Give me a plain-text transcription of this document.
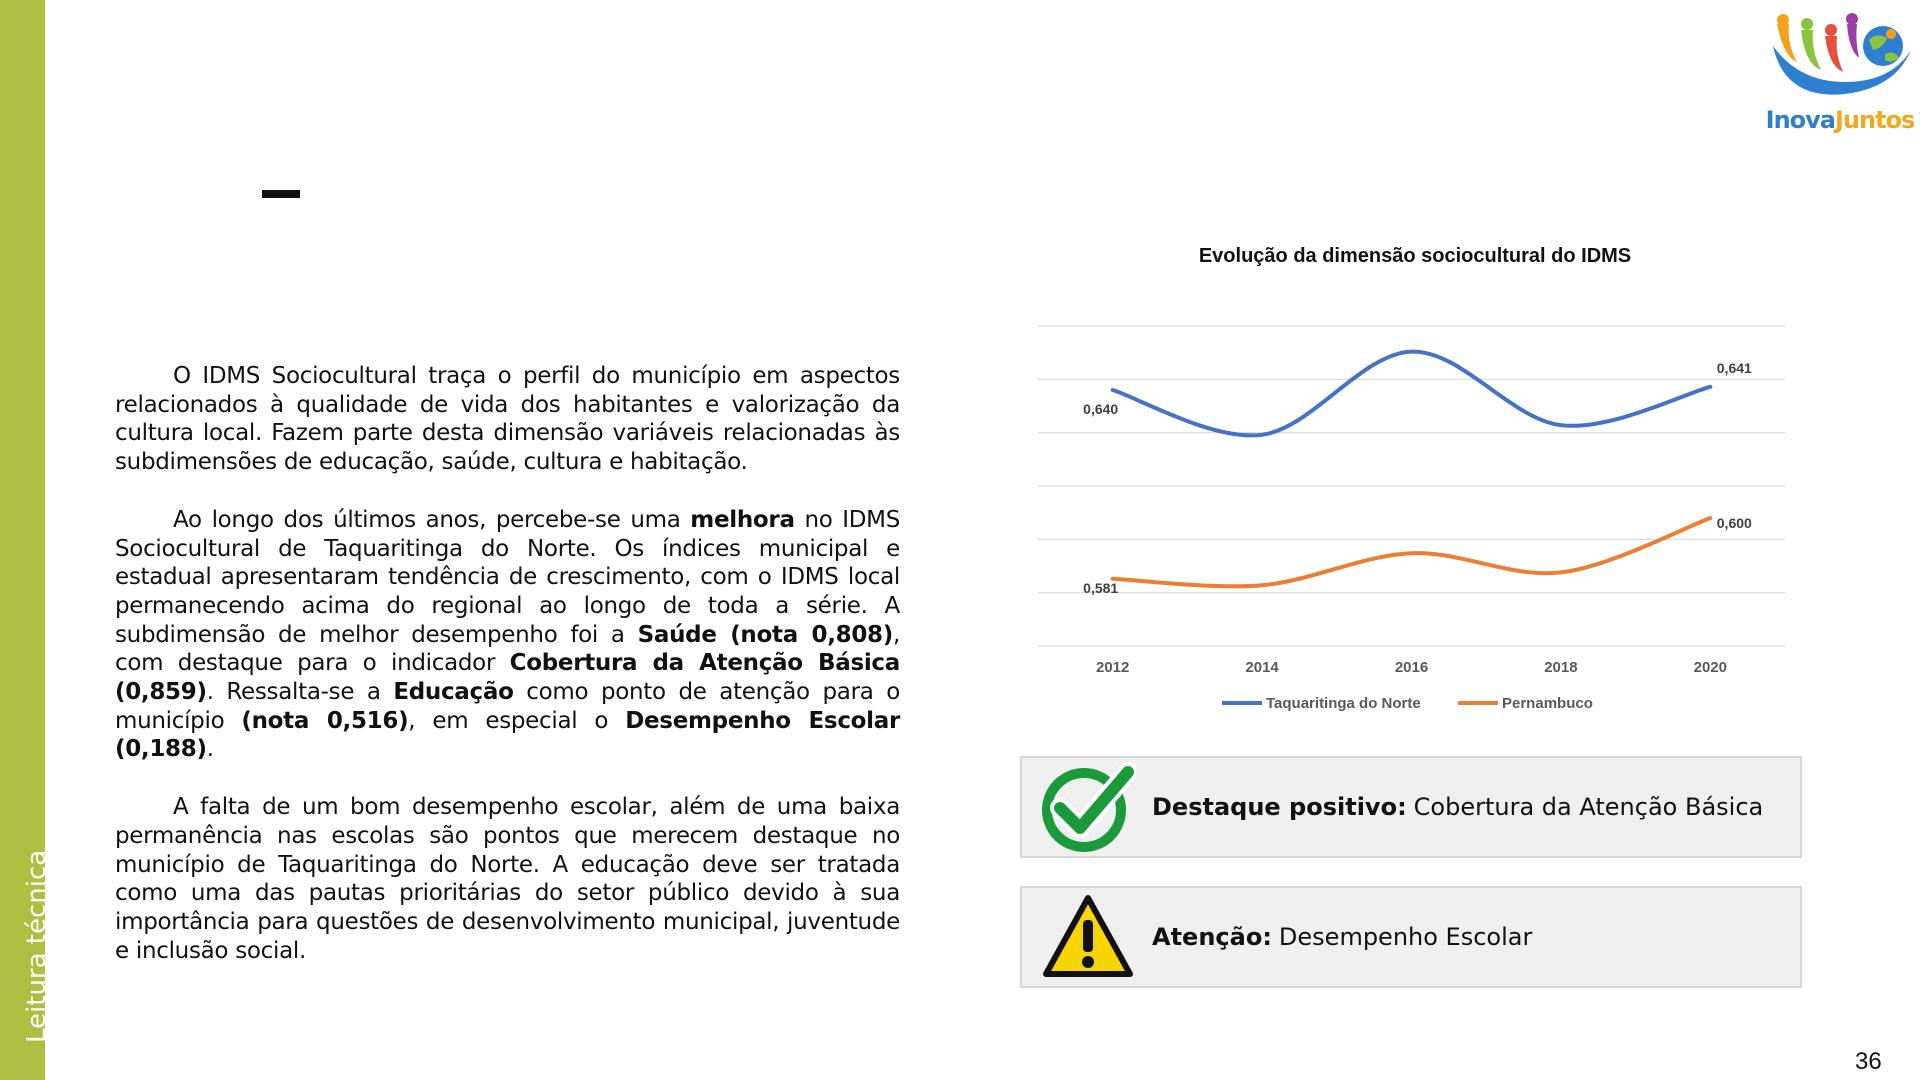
Leitura técnica
InovaJuntos

O IDMS Sociocultural traça o perfil do município em aspectos relacionados à qualidade de vida dos habitantes e valorização da cultura local. Fazem parte desta dimensão variáveis relacionadas às subdimensões de educação, saúde, cultura e habitação.

Ao longo dos últimos anos, percebe-se uma melhora no IDMS Sociocultural de Taquaritinga do Norte. Os índices municipal e estadual apresentaram tendência de crescimento, com o IDMS local permanecendo acima do regional ao longo de toda a série. A subdimensão de melhor desempenho foi a Saúde (nota 0,808), com destaque para o indicador Cobertura da Atenção Básica (0,859). Ressalta-se a Educação como ponto de atenção para o município (nota 0,516), em especial o Desempenho Escolar (0,188).

A falta de um bom desempenho escolar, além de uma baixa permanência nas escolas são pontos que merecem destaque no município de Taquaritinga do Norte. A educação deve ser tratada como uma das pautas prioritárias do setor público devido à sua importância para questões de desenvolvimento municipal, juventude e inclusão social.

Evolução da dimensão sociocultural do IDMS
2012	2014	2016	2018	2020
0,640
0,641
0,581
0,600
Taquaritinga do Norte	Pernambuco
Destaque positivo: Cobertura da Atenção Básica
Atenção: Desempenho Escolar
36
